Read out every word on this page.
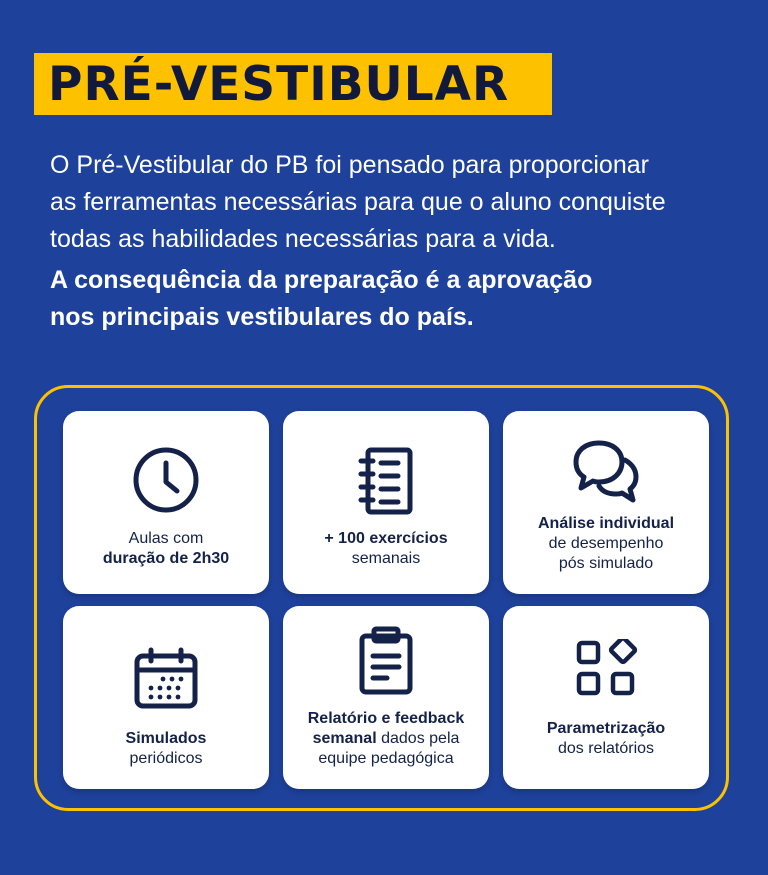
PRÉ-VESTIBULAR

O Pré-Vestibular do PB foi pensado para proporcionar

as ferramentas necessárias para que o aluno conquiste

todas as habilidades necessárias para a vida.

A consequência da preparação é a aprovação

nos principais vestibulares do país.

Aulas com
duração de 2h30
+ 100 exercícios
semanais
Análise individual
de desempenho
pós simulado
Simulados
periódicos
Relatório e feedback
semanal dados pela
equipe pedagógica
Parametrização
dos relatórios
